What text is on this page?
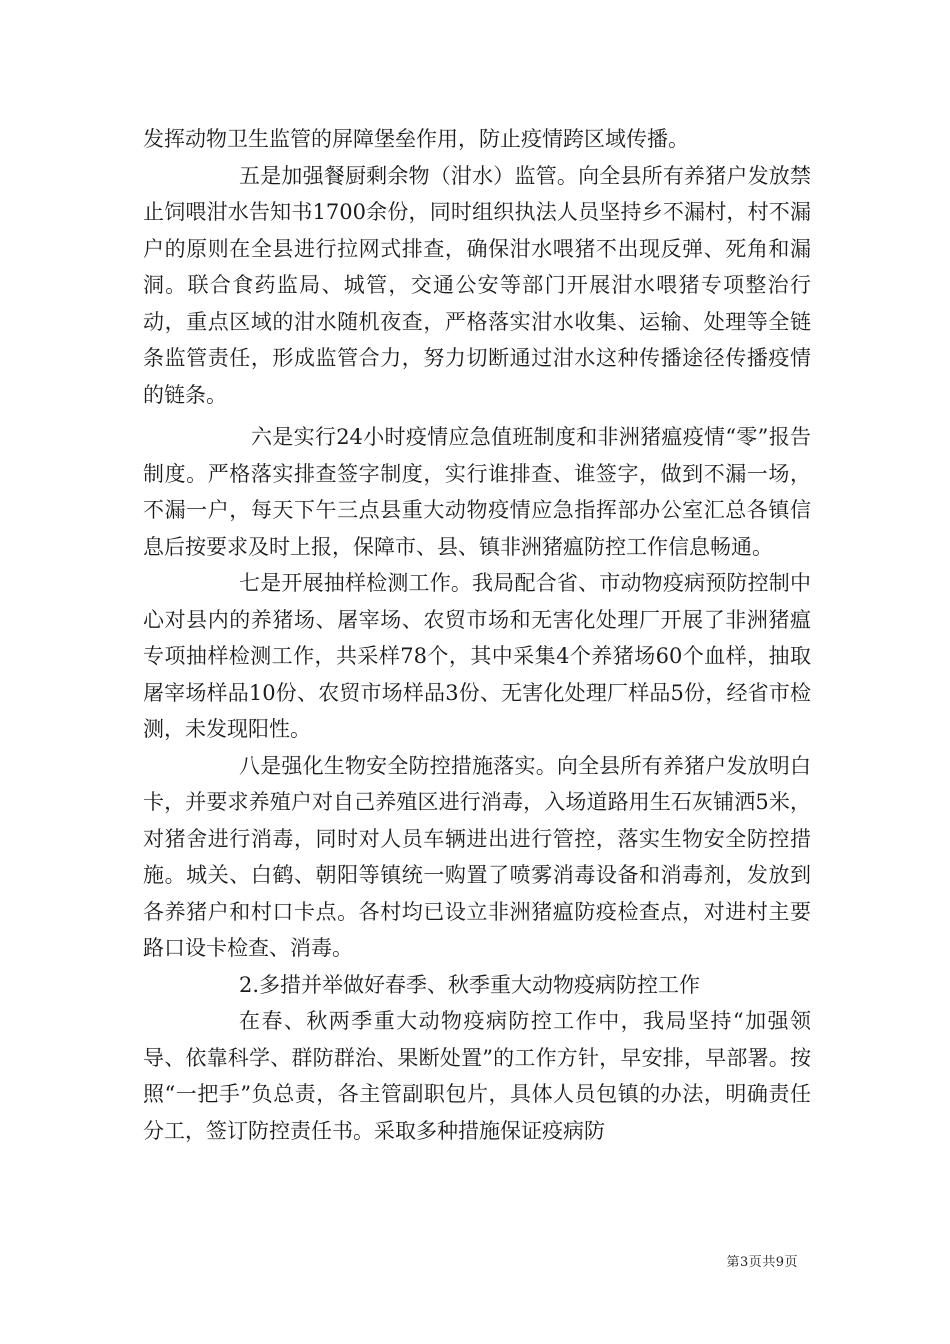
发挥动物卫生监管的屏障堡垒作用，防止疫情跨区域传播。

五是加强餐厨剩余物（泔水）监管。向全县所有养猪户发放禁止饲喂泔水告知书1700余份，同时组织执法人员坚持乡不漏村，村不漏户的原则在全县进行拉网式排查，确保泔水喂猪不出现反弹、死角和漏洞。联合食药监局、城管，交通公安等部门开展泔水喂猪专项整治行动，重点区域的泔水随机夜查，严格落实泔水收集、运输、处理等全链条监管责任，形成监管合力，努力切断通过泔水这种传播途径传播疫情的链条。

六是实行24小时疫情应急值班制度和非洲猪瘟疫情“零”报告制度。严格落实排查签字制度，实行谁排查、谁签字，做到不漏一场，不漏一户，每天下午三点县重大动物疫情应急指挥部办公室汇总各镇信息后按要求及时上报，保障市、县、镇非洲猪瘟防控工作信息畅通。

七是开展抽样检测工作。我局配合省、市动物疫病预防控制中心对县内的养猪场、屠宰场、农贸市场和无害化处理厂开展了非洲猪瘟专项抽样检测工作，共采样78个，其中采集4个养猪场60个血样，抽取屠宰场样品10份、农贸市场样品3份、无害化处理厂样品5份，经省市检测，未发现阳性。

八是强化生物安全防控措施落实。向全县所有养猪户发放明白卡，并要求养殖户对自己养殖区进行消毒，入场道路用生石灰铺洒5米，对猪舍进行消毒，同时对人员车辆进出进行管控，落实生物安全防控措施。城关、白鹤、朝阳等镇统一购置了喷雾消毒设备和消毒剂，发放到各养猪户和村口卡点。各村均已设立非洲猪瘟防疫检查点，对进村主要路口设卡检查、消毒。

2.多措并举做好春季、秋季重大动物疫病防控工作

在春、秋两季重大动物疫病防控工作中，我局坚持“加强领导、依靠科学、群防群治、果断处置”的工作方针，早安排，早部署。按照“一把手”负总责，各主管副职包片，具体人员包镇的办法，明确责任分工，签订防控责任书。采取多种措施保证疫病防

第3页共9页
